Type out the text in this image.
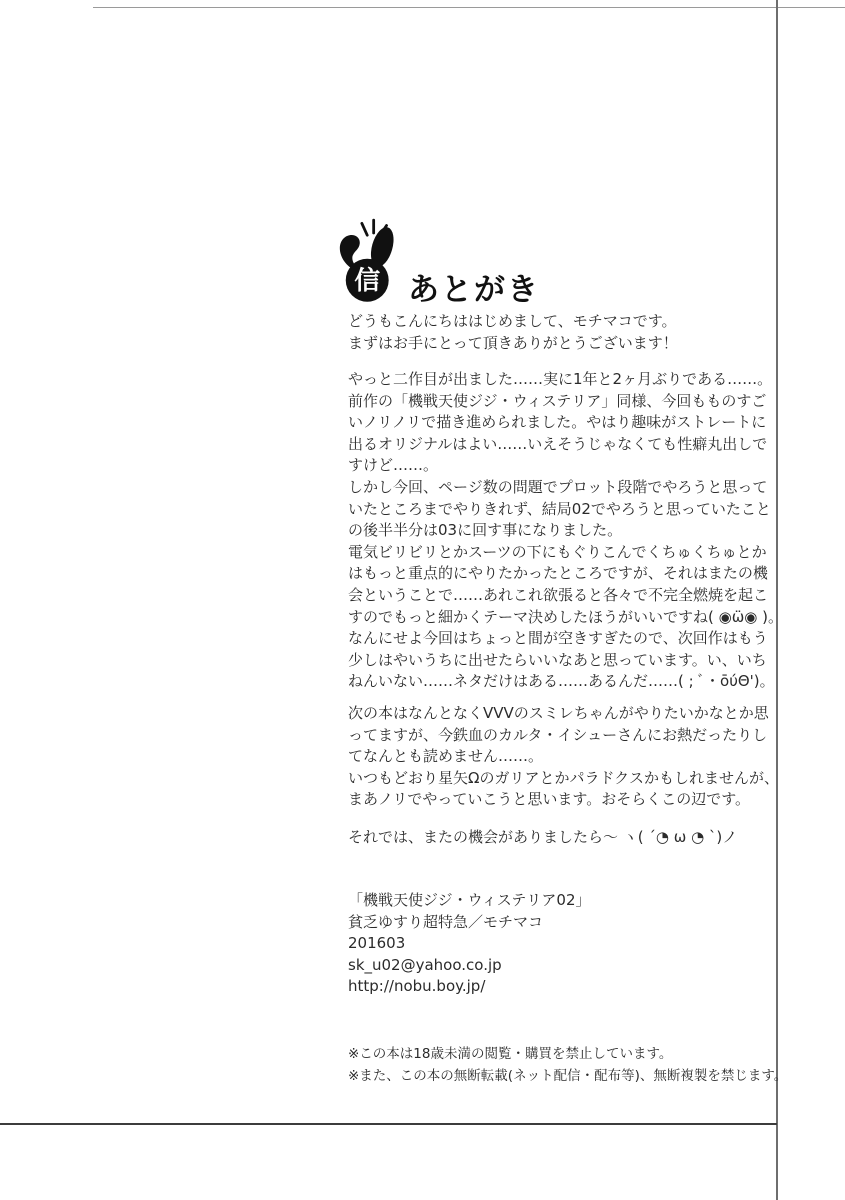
信 あとがき
どうもこんにちははじめまして、モチマコです。
まずはお手にとって頂きありがとうございます！
やっと二作目が出ました……実に1年と2ヶ月ぶりである……。
前作の「機戦天使ジジ・ウィステリア」同様、今回もものすご
いノリノリで描き進められました。やはり趣味がストレートに
出るオリジナルはよい……いえそうじゃなくても性癖丸出しで
すけど……。
しかし今回、ページ数の問題でプロット段階でやろうと思って
いたところまでやりきれず、結局02でやろうと思っていたこと
の後半半分は03に回す事になりました。
電気ビリビリとかスーツの下にもぐりこんでくちゅくちゅとか
はもっと重点的にやりたかったところですが、それはまたの機
会ということで……あれこれ欲張ると各々で不完全燃焼を起こ
すのでもっと細かくテーマ決めしたほうがいいですね( ◉ω̈◉ )。
なんにせよ今回はちょっと間が空きすぎたので、次回作はもう
少しはやいうちに出せたらいいなあと思っています。い、いち
ねんいない……ネタだけはある……あるんだ……( ; ﾞ・ōύΘ')。
次の本はなんとなくVVVのスミレちゃんがやりたいかなとか思
ってますが、今鉄血のカルタ・イシューさんにお熱だったりし
てなんとも読めません……。
いつもどおり星矢Ωのガリアとかパラドクスかもしれませんが、
まあノリでやっていこうと思います。おそらくこの辺です。
それでは、またの機会がありましたら～ ヽ( ´◔ ω ◔ `)ノ
「機戦天使ジジ・ウィステリア02」
貧乏ゆすり超特急／モチマコ
201603
sk_u02@yahoo.co.jp
http://nobu.boy.jp/
※この本は18歳未満の閲覧・購買を禁止しています。
※また、この本の無断転載(ネット配信・配布等)、無断複製を禁じます。
